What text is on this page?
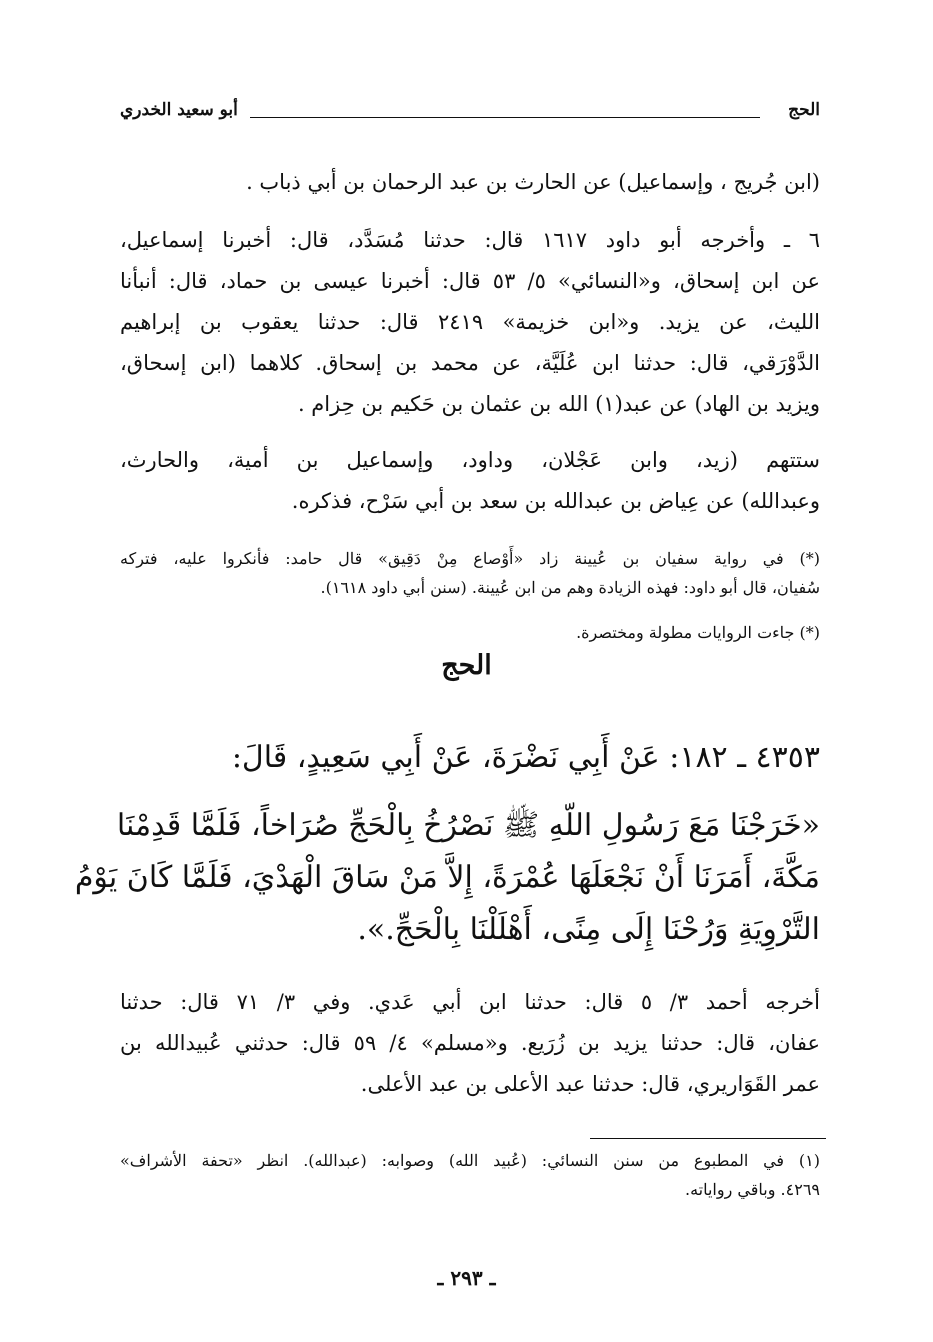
الحج
أبو سعيد الخدري
(ابن جُريج ، وإسماعيل) عن الحارث بن عبد الرحمان بن أبي ذباب .
٦ ـ وأخرجه أبو داود ١٦١٧ قال: حدثنا مُسَدَّد، قال: أخبرنا إسماعيل،
عن ابن إسحاق، و«النسائي» ٥/ ٥٣ قال: أخبرنا عيسى بن حماد، قال: أنبأنا
الليث، عن يزيد. و«ابن خزيمة» ٢٤١٩ قال: حدثنا يعقوب بن إبراهيم
الدَّوْرَقي، قال: حدثنا ابن عُلَيَّة، عن محمد بن إسحاق. كلاهما (ابن إسحاق،
ويزيد بن الهاد) عن عبد(١) الله بن عثمان بن حَكيم بن حِزام .
ستتهم (زيد، وابن عَجْلان، وداود، وإسماعيل بن أمية، والحارث،
وعبدالله) عن عِياض بن عبدالله بن سعد بن أبي سَرْح، فذكره.
(*) في رواية سفيان بن عُيينة زاد «أَوْصاع مِنْ دَقِيق» قال حامد: فأنكروا عليه، فتركه
سُفيان، قال أبو داود: فهذه الزيادة وهم من ابن عُيينة. (سنن أبي داود ١٦١٨).
(*) جاءت الروايات مطولة ومختصرة.
الحج
٤٣٥٣ ـ ١٨٢: عَنْ أَبِي نَضْرَةَ، عَنْ أَبِي سَعِيدٍ، قَالَ:
«خَرَجْنَا مَعَ رَسُولِ اللّهِ ﷺ نَصْرُخُ بِالْحَجِّ صُرَاخاً، فَلَمَّا قَدِمْنَا
مَكَّةَ، أَمَرَنَا أَنْ نَجْعَلَهَا عُمْرَةً، إِلاَّ مَنْ سَاقَ الْهَدْيَ، فَلَمَّا كَانَ يَوْمُ
التَّرْوِيَةِ وَرُحْنَا إِلَى مِنًى، أَهْلَلْنَا بِالْحَجِّ.».
أخرجه أحمد ٣/ ٥ قال: حدثنا ابن أبي عَدي. وفي ٣/ ٧١ قال: حدثنا
عفان، قال: حدثنا يزيد بن زُرَيع. و«مسلم» ٤/ ٥٩ قال: حدثني عُبيدالله بن
عمر القَوَاريري، قال: حدثنا عبد الأعلى بن عبد الأعلى.
(١) في المطبوع من سنن النسائي: (عُبيد الله) وصوابه: (عبدالله). انظر «تحفة الأشراف»
٤٢٦٩. وباقي رواياته.
ـ ٢٩٣ ـ
